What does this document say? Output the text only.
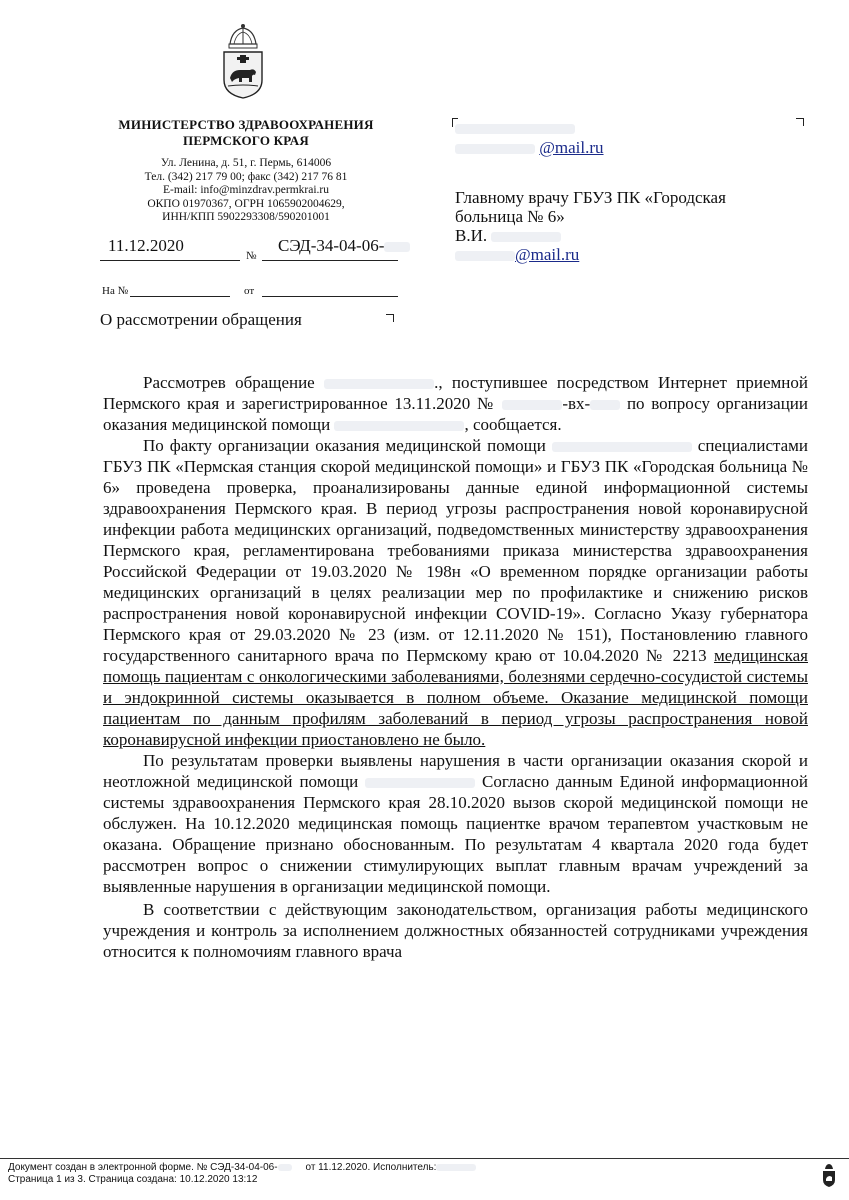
МИНИСТЕРСТВО ЗДРАВООХРАНЕНИЯ
ПЕРМСКОГО КРАЯ
Ул. Ленина, д. 51, г. Пермь, 614006
Тел. (342) 217 79 00; факс (342) 217 76 81
E-mail: info@minzdrav.permkrai.ru
ОКПО 01970367, ОГРН 1065902004629,
ИНН/КПП 5902293308/590201001
11.12.2020
№
СЭД-34-04-06-
На №	от
О рассмотрении обращения
@mail.ru
Главному врачу ГБУЗ ПК «Городская
больница № 6»
В.И.
@mail.ru

Рассмотрев обращение	., поступившее посредством Интернет приемной Пермского края и зарегистрированное 13.11.2020 №	-вх- по вопросу организации оказания медицинской помощи	, сообщается.

По факту организации оказания медицинской помощи	специалистами ГБУЗ ПК «Пермская станция скорой медицинской помощи» и ГБУЗ ПК «Городская больница № 6» проведена проверка, проанализированы данные единой информационной системы здравоохранения Пермского края. В период угрозы распространения новой коронавирусной инфекции работа медицинских организаций, подведомственных министерству здравоохранения Пермского края, регламентирована требованиями приказа министерства здравоохранения Российской Федерации от 19.03.2020 № 198н «О временном порядке организации работы медицинских организаций в целях реализации мер по профилактике и снижению рисков распространения новой коронавирусной инфекции COVID-19». Согласно Указу губернатора Пермского края от 29.03.2020 № 23 (изм. от 12.11.2020 № 151), Постановлению главного государственного санитарного врача по Пермскому краю от 10.04.2020 № 2213 медицинская помощь пациентам с онкологическими заболеваниями, болезнями сердечно-сосудистой системы и эндокринной системы оказывается в полном объеме. Оказание медицинской помощи пациентам по данным профилям заболеваний в период угрозы распространения новой коронавирусной инфекции приостановлено не было.

По результатам проверки выявлены нарушения в части организации оказания скорой и неотложной медицинской помощи	Согласно данным Единой информационной системы здравоохранения Пермского края 28.10.2020 вызов скорой медицинской помощи не обслужен. На 10.12.2020 медицинская помощь пациентке врачом терапевтом участковым не оказана. Обращение признано обоснованным. По результатам 4 квартала 2020 года будет рассмотрен вопрос о снижении стимулирующих выплат главным врачам учреждений за выявленные нарушения в организации медицинской помощи.

В соответствии с действующим законодательством, организация работы медицинского учреждения и контроль за исполнением должностных обязанностей сотрудниками учреждения относится к полномочиям главного врача

Документ создан в электронной форме. № СЭД-34-04-06-	от 11.12.2020. Исполнитель:
Страница 1 из 3. Страница создана: 10.12.2020 13:12
